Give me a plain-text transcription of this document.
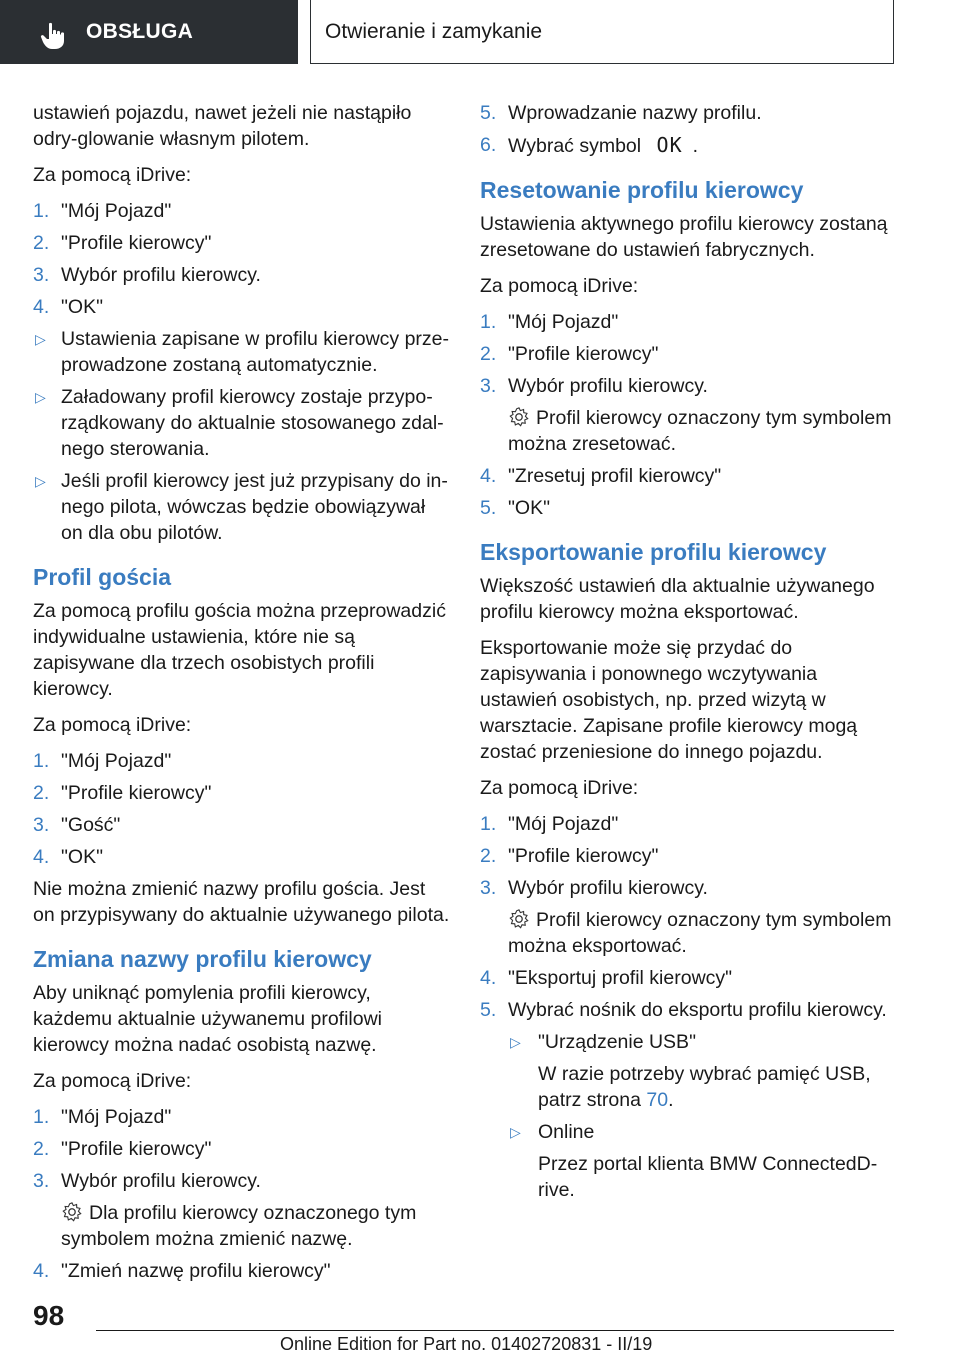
OBSŁUGA	Otwieranie i zamykanie

ustawień pojazdu, nawet jeżeli nie nastąpiło odry-glowanie własnym pilotem.

Za pomocą iDrive:

1. "Mój Pojazd"
2. "Profile kierowcy"
3. Wybór profilu kierowcy.
4. "OK"
▷ Ustawienia zapisane w profilu kierowcy prze-prowadzone zostaną automatycznie.
▷ Załadowany profil kierowcy zostaje przypo-rządkowany do aktualnie stosowanego zdal-nego sterowania.
▷ Jeśli profil kierowcy jest już przypisany do in-nego pilota, wówczas będzie obowiązywał on dla obu pilotów.
Profil gościa

Za pomocą profilu gościa można przeprowadzić indywidualne ustawienia, które nie są zapisywane dla trzech osobistych profili kierowcy.

Za pomocą iDrive:

1. "Mój Pojazd"
2. "Profile kierowcy"
3. "Gość"
4. "OK"

Nie można zmienić nazwy profilu gościa. Jest on przypisywany do aktualnie używanego pilota.

Zmiana nazwy profilu kierowcy

Aby uniknąć pomylenia profili kierowcy, każdemu aktualnie używanemu profilowi kierowcy można nadać osobistą nazwę.

Za pomocą iDrive:

1. "Mój Pojazd"
2. "Profile kierowcy"
3. Wybór profilu kierowcy.
Dla profilu kierowcy oznaczonego tym symbolem można zmienić nazwę.
4. "Zmień nazwę profilu kierowcy"
5. Wprowadzanie nazwy profilu.
6. Wybrać symbol OK .
Resetowanie profilu kierowcy

Ustawienia aktywnego profilu kierowcy zostaną zresetowane do ustawień fabrycznych.

Za pomocą iDrive:

1. "Mój Pojazd"
2. "Profile kierowcy"
3. Wybór profilu kierowcy.
Profil kierowcy oznaczony tym symbolem można zresetować.
4. "Zresetuj profil kierowcy"
5. "OK"
Eksportowanie profilu kierowcy

Większość ustawień dla aktualnie używanego profilu kierowcy można eksportować.

Eksportowanie może się przydać do zapisywania i ponownego wczytywania ustawień osobistych, np. przed wizytą w warsztacie. Zapisane profile kierowcy mogą zostać przeniesione do innego pojazdu.

Za pomocą iDrive:

1. "Mój Pojazd"
2. "Profile kierowcy"
3. Wybór profilu kierowcy.
Profil kierowcy oznaczony tym symbolem można eksportować.
4. "Eksportuj profil kierowcy"
5. Wybrać nośnik do eksportu profilu kierowcy.
▷ "Urządzenie USB"
W razie potrzeby wybrać pamięć USB, patrz strona 70.
▷ Online
Przez portal klienta BMW ConnectedD-rive.
98
Online Edition for Part no. 01402720831 - II/19
